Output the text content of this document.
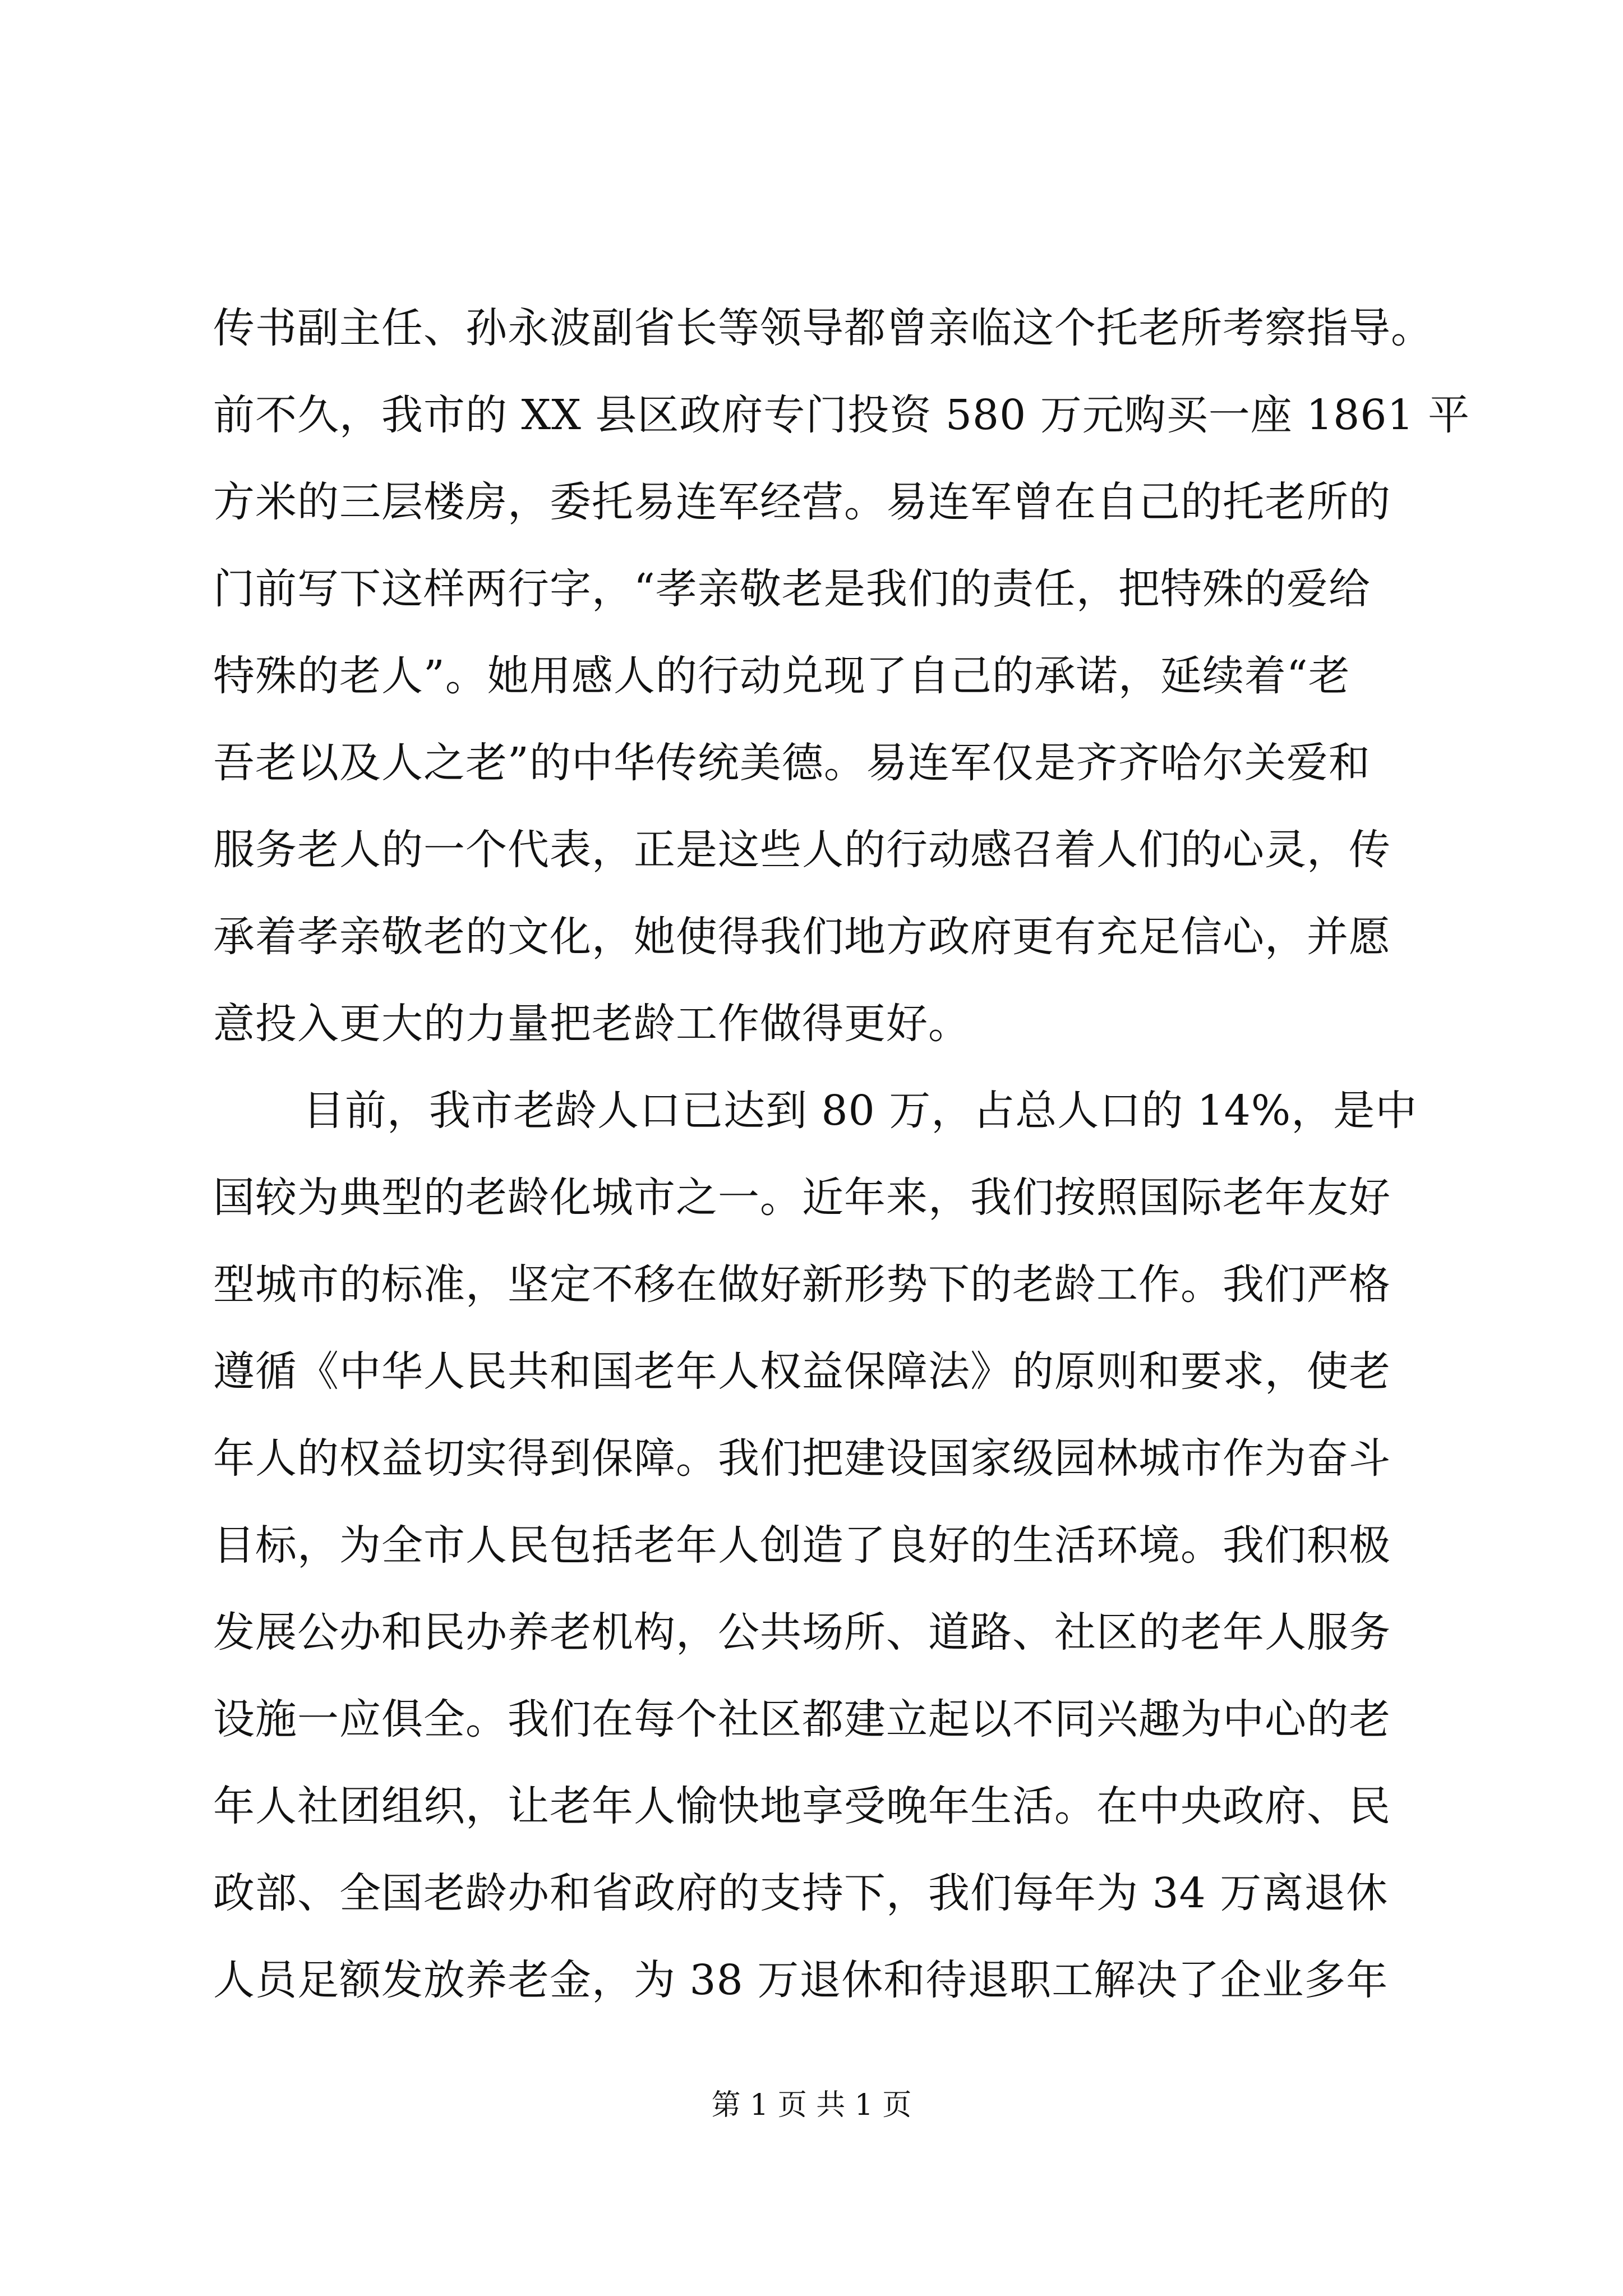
传书副主任、孙永波副省长等领导都曾亲临这个托老所考察指导。
前不久，我市的 XX 县区政府专门投资 580 万元购买一座 1861 平
方米的三层楼房，委托易连军经营。易连军曾在自己的托老所的
门前写下这样两行字，“孝亲敬老是我们的责任，把特殊的爱给
特殊的老人”。她用感人的行动兑现了自己的承诺，延续着“老
吾老以及人之老”的中华传统美德。易连军仅是齐齐哈尔关爱和
服务老人的一个代表，正是这些人的行动感召着人们的心灵，传
承着孝亲敬老的文化，她使得我们地方政府更有充足信心，并愿
意投入更大的力量把老龄工作做得更好。
目前，我市老龄人口已达到 80 万，占总人口的 14%，是中
国较为典型的老龄化城市之一。近年来，我们按照国际老年友好
型城市的标准，坚定不移在做好新形势下的老龄工作。我们严格
遵循《中华人民共和国老年人权益保障法》的原则和要求，使老
年人的权益切实得到保障。我们把建设国家级园林城市作为奋斗
目标，为全市人民包括老年人创造了良好的生活环境。我们积极
发展公办和民办养老机构，公共场所、道路、社区的老年人服务
设施一应俱全。我们在每个社区都建立起以不同兴趣为中心的老
年人社团组织，让老年人愉快地享受晚年生活。在中央政府、民
政部、全国老龄办和省政府的支持下，我们每年为 34 万离退休
人员足额发放养老金，为 38 万退休和待退职工解决了企业多年
第 1 页 共 1 页
